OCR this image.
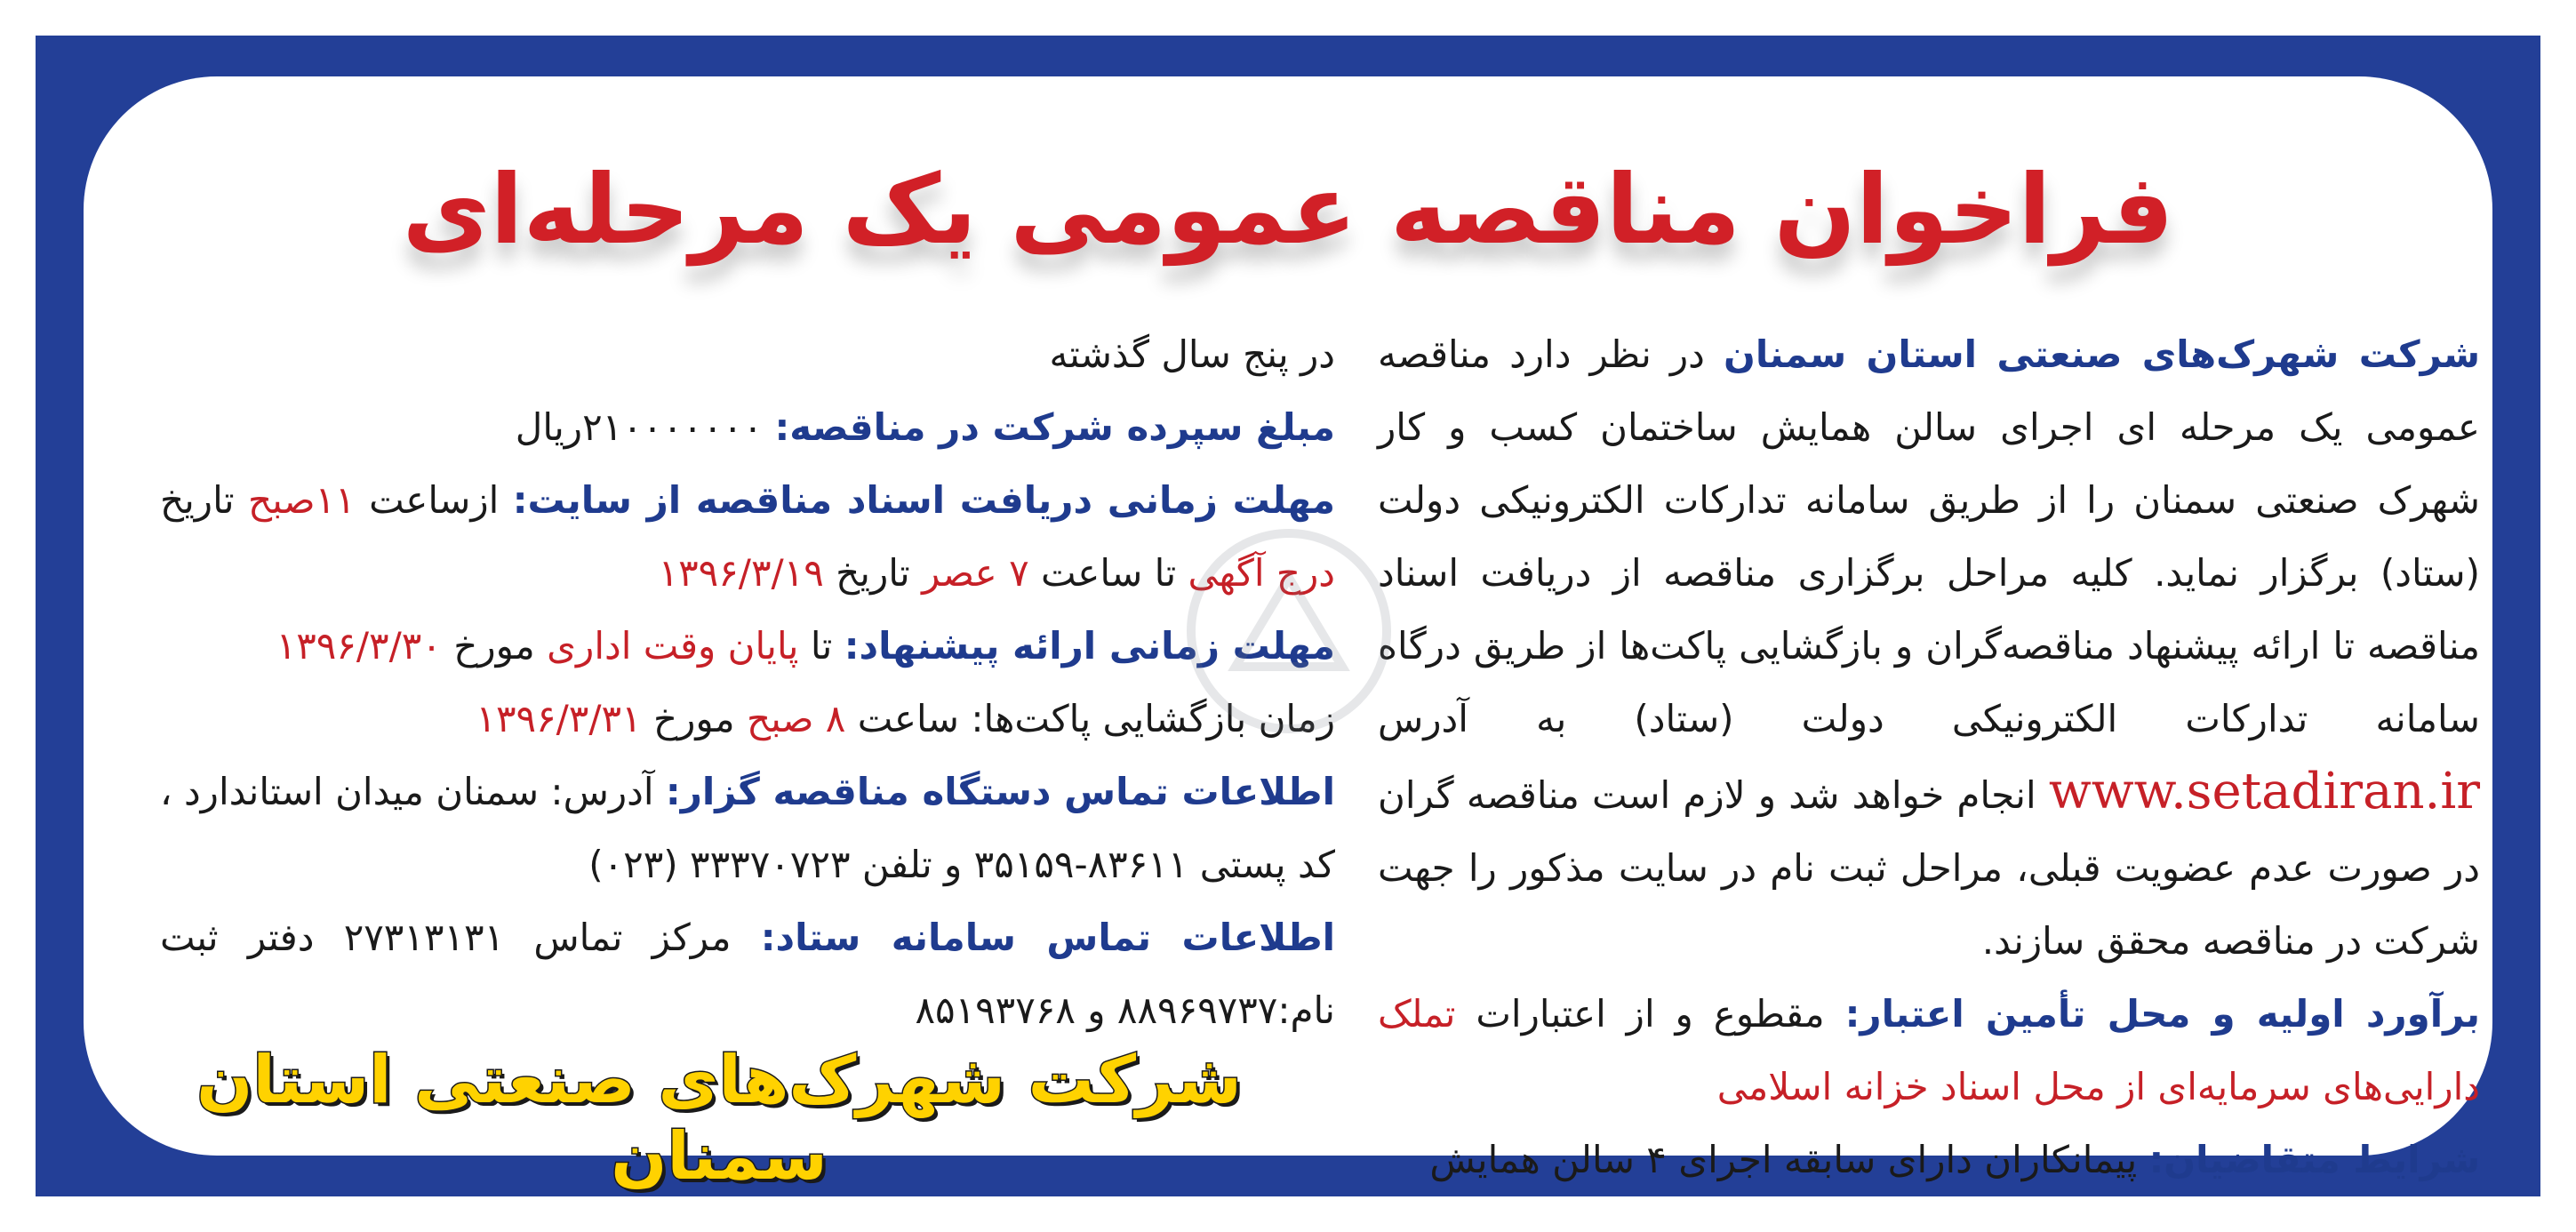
فراخوان مناقصه عمومی یک مرحله‌ای

شرکت شهرک‌های صنعتی استان سمنان در نظر دارد مناقصه عمومی یک مرحله ای اجرای سالن همایش ساختمان کسب و کار شهرک صنعتی سمنان را از طریق سامانه تدارکات الکترونیکی دولت (ستاد) برگزار نماید. کلیه مراحل برگزاری مناقصه از دریافت اسناد مناقصه تا ارائه پیشنهاد مناقصه‌گران و بازگشایی پاکت‌ها از طریق درگاه سامانه تدارکات الکترونیکی دولت (ستاد) به آدرس www.setadiran.ir انجام خواهد شد و لازم است مناقصه گران در صورت عدم عضویت قبلی، مراحل ثبت نام در سایت مذکور را جهت شرکت در مناقصه محقق سازند.

برآورد اولیه و محل تأمین اعتبار: مقطوع و از اعتبارات تملک دارایی‌های سرمایه‌ای از محل اسناد خزانه اسلامی

شرایط متقاضیان: پیمانکاران دارای سابقه اجرای ۴ سالن همایش

در پنج سال گذشته

مبلغ سپرده شرکت در مناقصه: ۲۱۰۰۰۰۰۰۰ریال

مهلت زمانی دریافت اسناد مناقصه از سایت: ازساعت ۱۱صبح تاریخ درج آگهی تا ساعت ۷ عصر تاریخ ۱۳۹۶/۳/۱۹

مهلت زمانی ارائه پیشنهاد: تا پایان وقت اداری مورخ ۱۳۹۶/۳/۳۰

زمان بازگشایی پاکت‌ها: ساعت ۸ صبح مورخ ۱۳۹۶/۳/۳۱

اطلاعات تماس دستگاه مناقصه گزار: آدرس: سمنان میدان استاندارد ، کد پستی ۸۳۶۱۱-۳۵۱۵۹ و تلفن ۳۳۳۷۰۷۲۳ (۰۲۳)

اطلاعات تماس سامانه ستاد: مرکز تماس ۲۷۳۱۳۱۳۱ دفتر ثبت نام:۸۸۹۶۹۷۳۷ و ۸۵۱۹۳۷۶۸

شرکت شهرک‌های صنعتی استان سمنان
